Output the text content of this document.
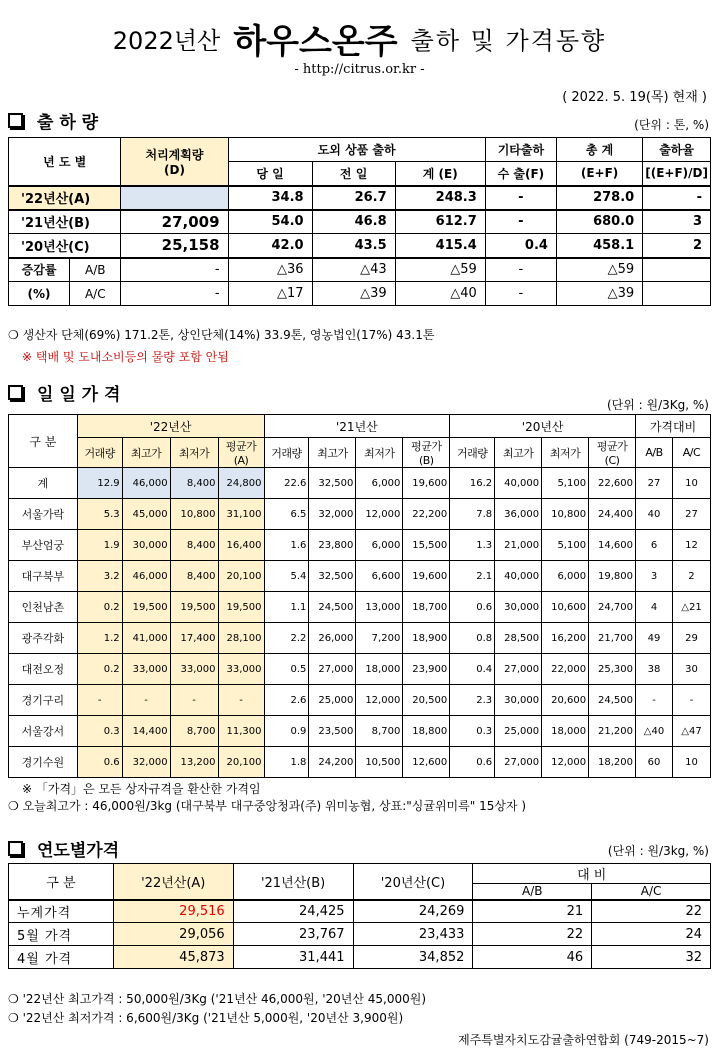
2022년산 하우스온주 출하 및 가격동향
- http://citrus.or.kr -
( 2022. 5. 19(목) 현재 )
출 하 량	(단위 : 톤, %)
년 도 별		처리계획량
(D)	도외 상품 출하			기타출하	총 계	출하율
			당 일	전 일	계 (E)	수 출(F)	(E+F)	[(E+F)/D]
'22년산(A)			34.8	26.7	248.3	-	278.0	-
'21년산(B)		27,009	54.0	46.8	612.7	-	680.0	3
'20년산(C)		25,158	42.0	43.5	415.4	0.4	458.1	2
증감률	A/B	-	△36	△43	△59	-	△59	
(%)	A/C	-	△17	△39	△40	-	△39	
❍ 생산자 단체(69%) 171.2톤, 상인단체(14%) 33.9톤, 영농법인(17%) 43.1톤
※ 택배 및 도내소비등의 물량 포함 안됨
일 일 가 격	(단위 : 원/3Kg, %)
구 분	'22년산				'21년산				'20년산				가격대비	
	거래량	최고가	최저가	평균가(A)	거래량	최고가	최저가	평균가(B)	거래량	최고가	최저가	평균가(C)	A/B	A/C
계	12.9	46,000	8,400	24,800	22.6	32,500	6,000	19,600	16.2	40,000	5,100	22,600	27	10
서울가락	5.3	45,000	10,800	31,100	6.5	32,000	12,000	22,200	7.8	36,000	10,800	24,400	40	27
부산엄궁	1.9	30,000	8,400	16,400	1.6	23,800	6,000	15,500	1.3	21,000	5,100	14,600	6	12
대구북부	3.2	46,000	8,400	20,100	5.4	32,500	6,600	19,600	2.1	40,000	6,000	19,800	3	2
인천남촌	0.2	19,500	19,500	19,500	1.1	24,500	13,000	18,700	0.6	30,000	10,600	24,700	4	△21
광주각화	1.2	41,000	17,400	28,100	2.2	26,000	7,200	18,900	0.8	28,500	16,200	21,700	49	29
대전오정	0.2	33,000	33,000	33,000	0.5	27,000	18,000	23,900	0.4	27,000	22,000	25,300	38	30
경기구리	-	-	-	-	2.6	25,000	12,000	20,500	2.3	30,000	20,600	24,500	-	-
서울강서	0.3	14,400	8,700	11,300	0.9	23,500	8,700	18,800	0.3	25,000	18,000	21,200	△40	△47
경기수원	0.6	32,000	13,200	20,100	1.8	24,200	10,500	12,600	0.6	27,000	12,000	18,200	60	10
※ 「가격」은 모든 상자규격을 환산한 가격임
❍ 오늘최고가 : 46,000원/3kg (대구북부 대구중앙청과(주) 위미농협, 상표:"싱귤위미륵" 15상자 )
연도별가격	(단위 : 원/3kg, %)
구 분	'22년산(A)	'21년산(B)	'20년산(C)	대 비	
				A/B	A/C
누계가격	29,516	24,425	24,269	21	22
5월 가격	29,056	23,767	23,433	22	24
4월 가격	45,873	31,441	34,852	46	32
❍ '22년산 최고가격 : 50,000원/3Kg ('21년산 46,000원, '20년산 45,000원)
❍ '22년산 최저가격 : 6,600원/3Kg ('21년산 5,000원, '20년산 3,900원)
제주특별자치도감귤출하연합회 (749-2015~7)
